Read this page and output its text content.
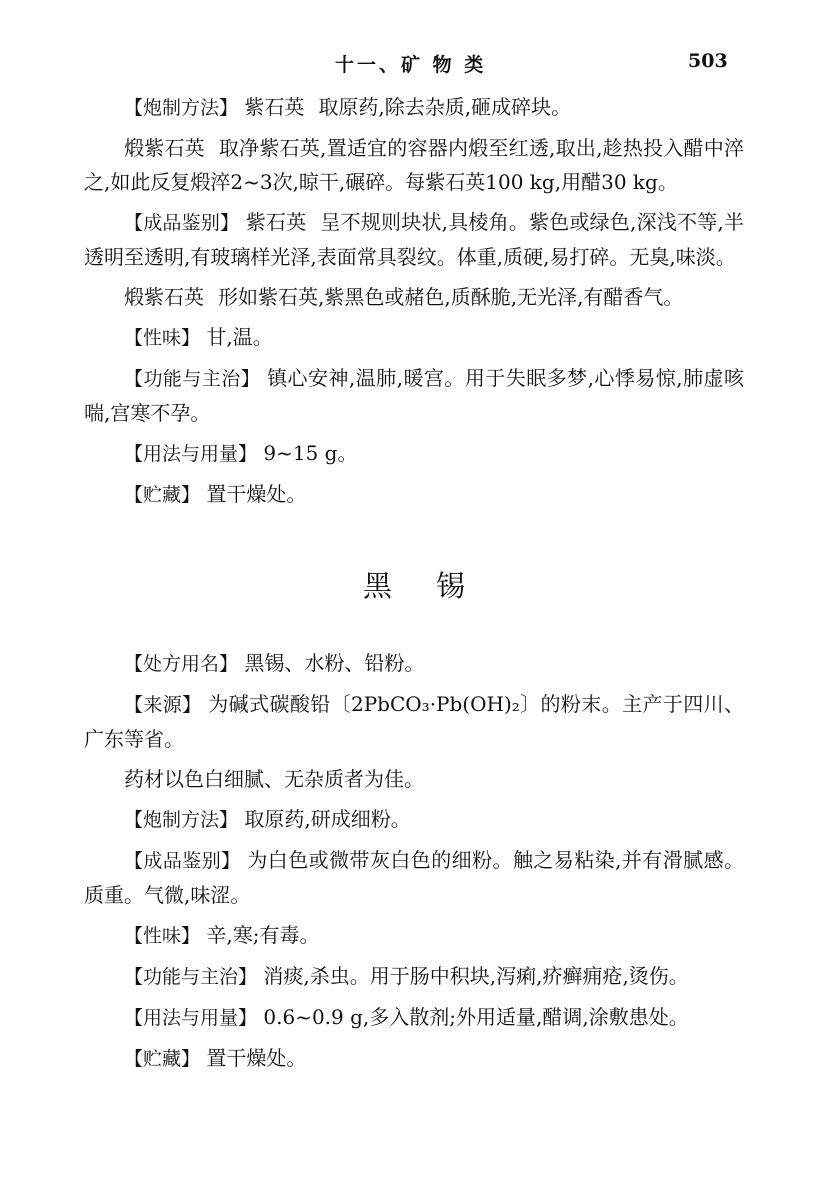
十一、矿 物 类	503

【炮制方法】 紫石英 取原药,除去杂质,砸成碎块。

煅紫石英 取净紫石英,置适宜的容器内煅至红透,取出,趁热投入醋中淬之,如此反复煅淬2~3次,晾干,碾碎。每紫石英100 kg,用醋30 kg。

【成品鉴别】 紫石英 呈不规则块状,具棱角。紫色或绿色,深浅不等,半透明至透明,有玻璃样光泽,表面常具裂纹。体重,质硬,易打碎。无臭,味淡。

煅紫石英 形如紫石英,紫黑色或赭色,质酥脆,无光泽,有醋香气。

【性味】 甘,温。

【功能与主治】 镇心安神,温肺,暖宫。用于失眠多梦,心悸易惊,肺虚咳喘,宫寒不孕。

【用法与用量】 9~15 g。

【贮藏】 置干燥处。

黑锡

【处方用名】 黑锡、水粉、铅粉。

【来源】 为碱式碳酸铅〔2PbCO₃·Pb(OH)₂〕的粉末。主产于四川、广东等省。

药材以色白细腻、无杂质者为佳。

【炮制方法】 取原药,研成细粉。

【成品鉴别】 为白色或微带灰白色的细粉。触之易粘染,并有滑腻感。质重。气微,味涩。

【性味】 辛,寒;有毒。

【功能与主治】 消痰,杀虫。用于肠中积块,泻痢,疥癣痈疮,烫伤。

【用法与用量】 0.6~0.9 g,多入散剂;外用适量,醋调,涂敷患处。

【贮藏】 置干燥处。
